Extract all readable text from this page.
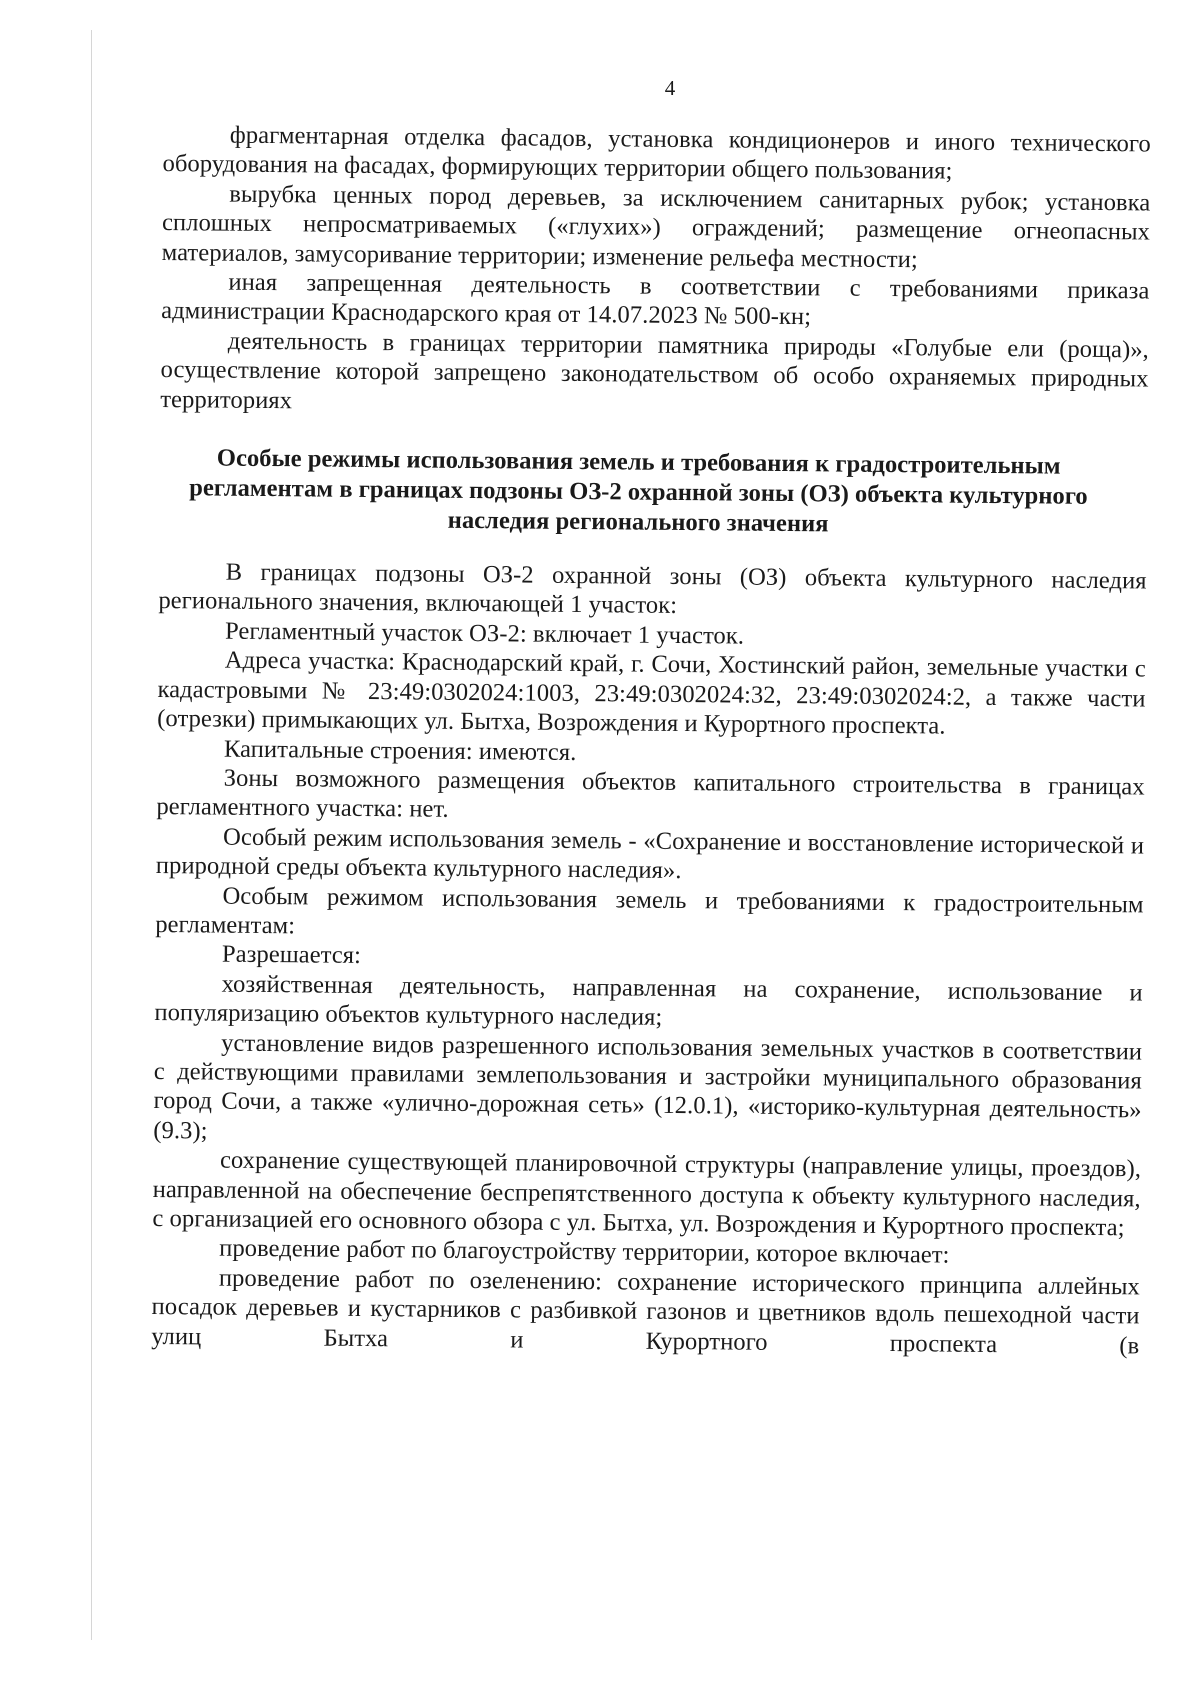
4

фрагментарная отделка фасадов, установка кондиционеров и иного технического оборудования на фасадах, формирующих территории общего пользования;

вырубка ценных пород деревьев, за исключением санитарных рубок; установка сплошных непросматриваемых («глухих») ограждений; размещение огнеопасных материалов, замусоривание территории; изменение рельефа местности;

иная запрещенная деятельность в соответствии с требованиями приказа администрации Краснодарского края от 14.07.2023 № 500-кн;

деятельность в границах территории памятника природы «Голубые ели (роща)», осуществление которой запрещено законодательством об особо охраняемых природных территориях

Особые режимы использования земель и требования к градостроительным регламентам в границах подзоны ОЗ-2 охранной зоны (ОЗ) объекта культурного наследия регионального значения

В границах подзоны ОЗ-2 охранной зоны (ОЗ) объекта культурного наследия регионального значения, включающей 1 участок:

Регламентный участок ОЗ-2: включает 1 участок.

Адреса участка: Краснодарский край, г. Сочи, Хостинский район, земельные участки с кадастровыми № 23:49:0302024:1003, 23:49:0302024:32, 23:49:0302024:2, а также части (отрезки) примыкающих ул. Бытха, Возрождения и Курортного проспекта.

Капитальные строения: имеются.

Зоны возможного размещения объектов капитального строительства в границах регламентного участка: нет.

Особый режим использования земель - «Сохранение и восстановление исторической и природной среды объекта культурного наследия».

Особым режимом использования земель и требованиями к градостроительным регламентам:

Разрешается:

хозяйственная деятельность, направленная на сохранение, использование и популяризацию объектов культурного наследия;

установление видов разрешенного использования земельных участков в соответствии с действующими правилами землепользования и застройки муниципального образования город Сочи, а также «улично-дорожная сеть» (12.0.1), «историко-культурная деятельность» (9.3);

сохранение существующей планировочной структуры (направление улицы, проездов), направленной на обеспечение беспрепятственного доступа к объекту культурного наследия, с организацией его основного обзора с ул. Бытха, ул. Возрождения и Курортного проспекта;

проведение работ по благоустройству территории, которое включает:

проведение работ по озеленению: сохранение исторического принципа аллейных посадок деревьев и кустарников с разбивкой газонов и цветников вдоль пешеходной части улиц Бытха и Курортного проспекта (в
